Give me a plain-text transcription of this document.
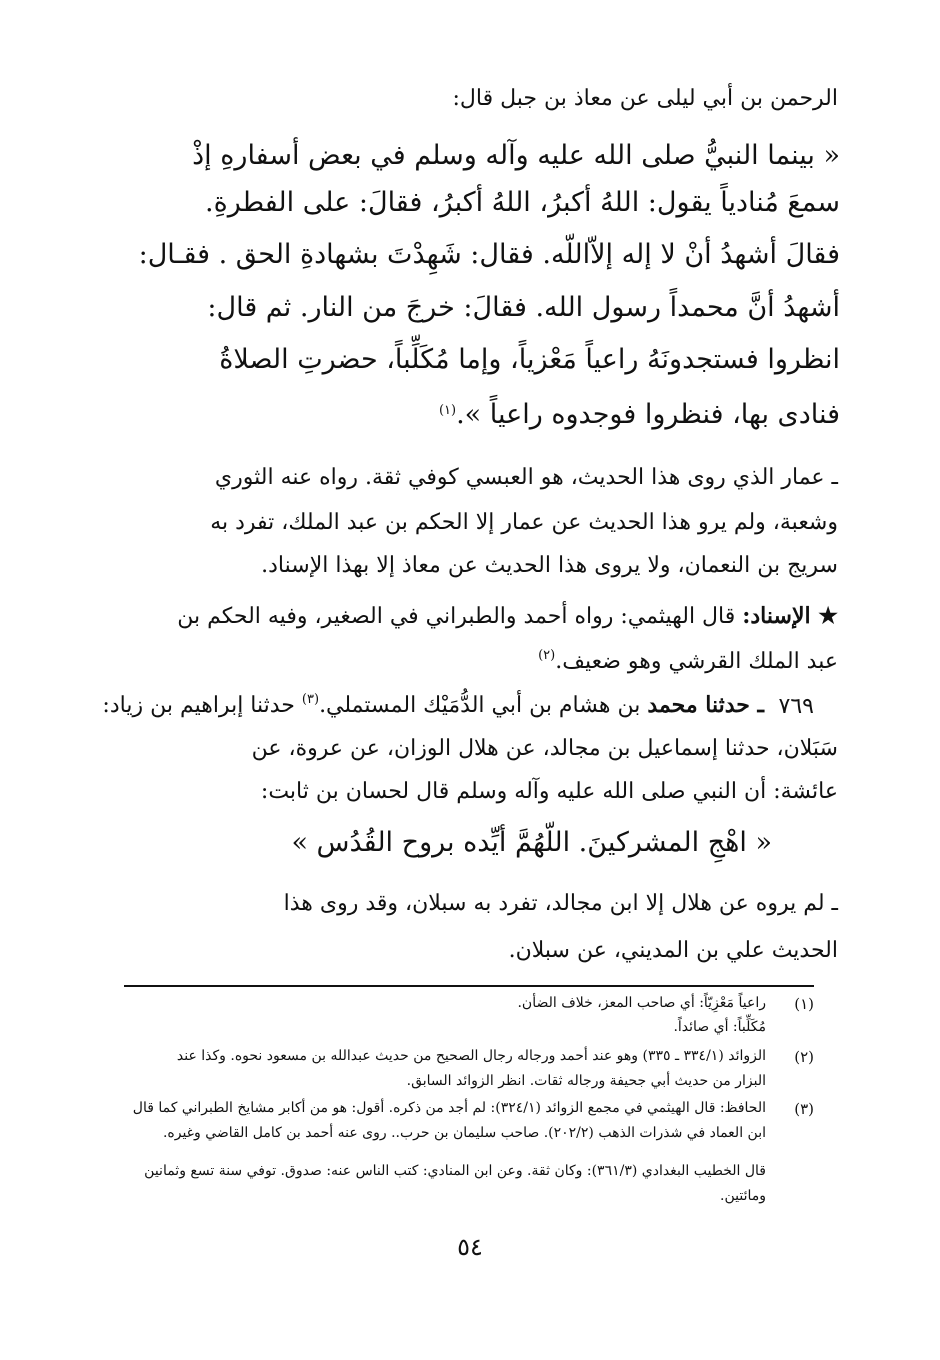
الرحمن بن أبي ليلى عن معاذ بن جبل قال:
« بينما النبيُّ صلى الله عليه وآله وسلم في بعض أسفارهِ إذْ
سمعَ مُنادياً يقول: اللهُ أكبرُ، اللهُ أكبرُ، فقالَ: على الفطرةِ.
فقالَ أشهدُ أنْ لا إله إلاّاللّه. فقال: شَهِدْتَ بشهادةِ الحق . فقـال:
أشهدُ أنَّ محمداً رسول الله. فقالَ: خرجَ من النار. ثم قال:
انظروا فستجدونَهُ راعياً مَعْزياً، وإما مُكَلِّباً، حضرتِ الصلاةُ
فنادى بها، فنظروا فوجدوه راعياً ».$^{(١)}$
ـ عمار الذي روى هذا الحديث، هو العبسي كوفي ثقة. رواه عنه الثوري
وشعبة، ولم يرو هذا الحديث عن عمار إلا الحكم بن عبد الملك، تفرد به
سريج بن النعمان، ولا يروى هذا الحديث عن معاذ إلا بهذا الإسناد.
★ الإسناد: قال الهيثمي: رواه أحمد والطبراني في الصغير، وفيه الحكم بن
عبد الملك القرشي وهو ضعيف.$^{(٢)}$
٧٦٩
ـ حدثنا محمد بن هشام بن أبي الدُّمَيْك المستملي.$^{(٣)}$ حدثنا إبراهيم بن زياد:
سَبَلان، حدثنا إسماعيل بن مجالد، عن هلال الوزان، عن عروة، عن
عائشة: أن النبي صلى الله عليه وآله وسلم قال لحسان بن ثابت:
« اهْجِ المشركينَ. اللّهُمَّ أيِّده بروح القُدُس »
ـ لم يروه عن هلال إلا ابن مجالد، تفرد به سبلان، وقد روى هذا
الحديث علي بن المديني، عن سبلان.
(١)
راعياً مَعْزِيّاً: أي صاحب المعز، خلاف الضأن.
مُكَلِّباً: أي صائداً.
(٢)
الزوائد (٣٣٤/١ ـ ٣٣٥) وهو عند أحمد ورجاله رجال الصحيح من حديث عبدالله بن مسعود نحوه. وكذا عند
البزار من حديث أبي جحيفة ورجاله ثقات. انظر الزوائد السابق.
(٣)
الحافظ: قال الهيثمي في مجمع الزوائد (٣٢٤/١): لم أجد من ذكره. أقول: هو من أكابر مشايخ الطبراني كما قال
ابن العماد في شذرات الذهب (٢٠٢/٢). صاحب سليمان بن حرب.. روى عنه أحمد بن كامل القاضي وغيره.
قال الخطيب البغدادي (٣٦١/٣): وكان ثقة. وعن ابن المنادي: كتب الناس عنه: صدوق. توفي سنة تسع وثمانين
ومائتين.
٥٤
